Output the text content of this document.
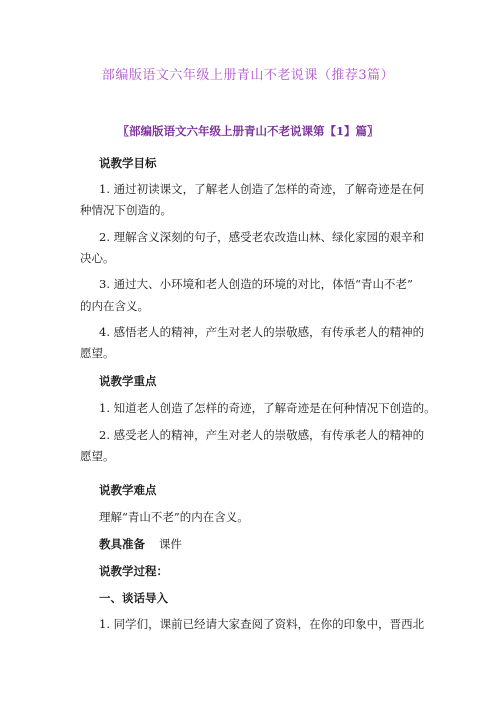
部编版语文六年级上册青山不老说课（推荐3篇）
〖部编版语文六年级上册青山不老说课第【1】篇〗
说教学目标
1. 通过初读课文，了解老人创造了怎样的奇迹，了解奇迹是在何
种情况下创造的。
2. 理解含义深刻的句子，感受老农改造山林、绿化家园的艰辛和
决心。
3. 通过大、小环境和老人创造的环境的对比，体悟“青山不老”
的内在含义。
4. 感悟老人的精神，产生对老人的崇敬感，有传承老人的精神的
愿望。
说教学重点
1. 知道老人创造了怎样的奇迹，了解奇迹是在何种情况下创造的。
2. 感受老人的精神，产生对老人的崇敬感，有传承老人的精神的
愿望。
说教学难点
理解“青山不老”的内在含义。
教具准备 课件
说教学过程：
一、谈话导入
1. 同学们，课前已经请大家查阅了资料，在你的印象中，晋西北
